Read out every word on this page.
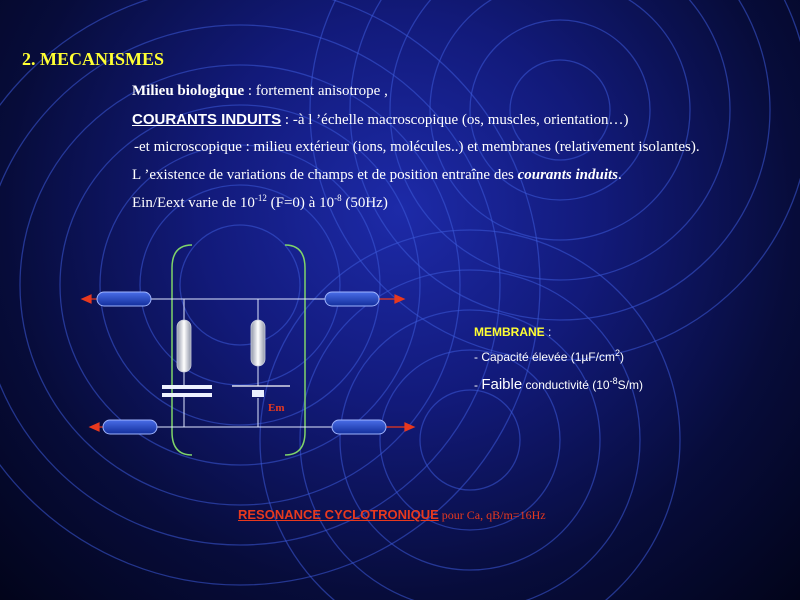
2. MECANISMES
Milieu biologique : fortement anisotrope ,
COURANTS INDUITS : -à l ’échelle macroscopique (os, muscles, orientation…)
-et microscopique : milieu extérieur (ions, molécules..) et membranes (relativement isolantes).
L ’existence de variations de champs et de position entraîne des courants induits.
Ein/Eext varie de $10^{-12}$ (F=0) à $10^{-8}$ (50Hz)
Em
MEMBRANE :
- Capacité élevée $(1\mu F/cm^2)$
- Faible conductivité $(10^{-8}S/m)$
RESONANCE CYCLOTRONIQUE pour Ca, qB/m=16Hz
